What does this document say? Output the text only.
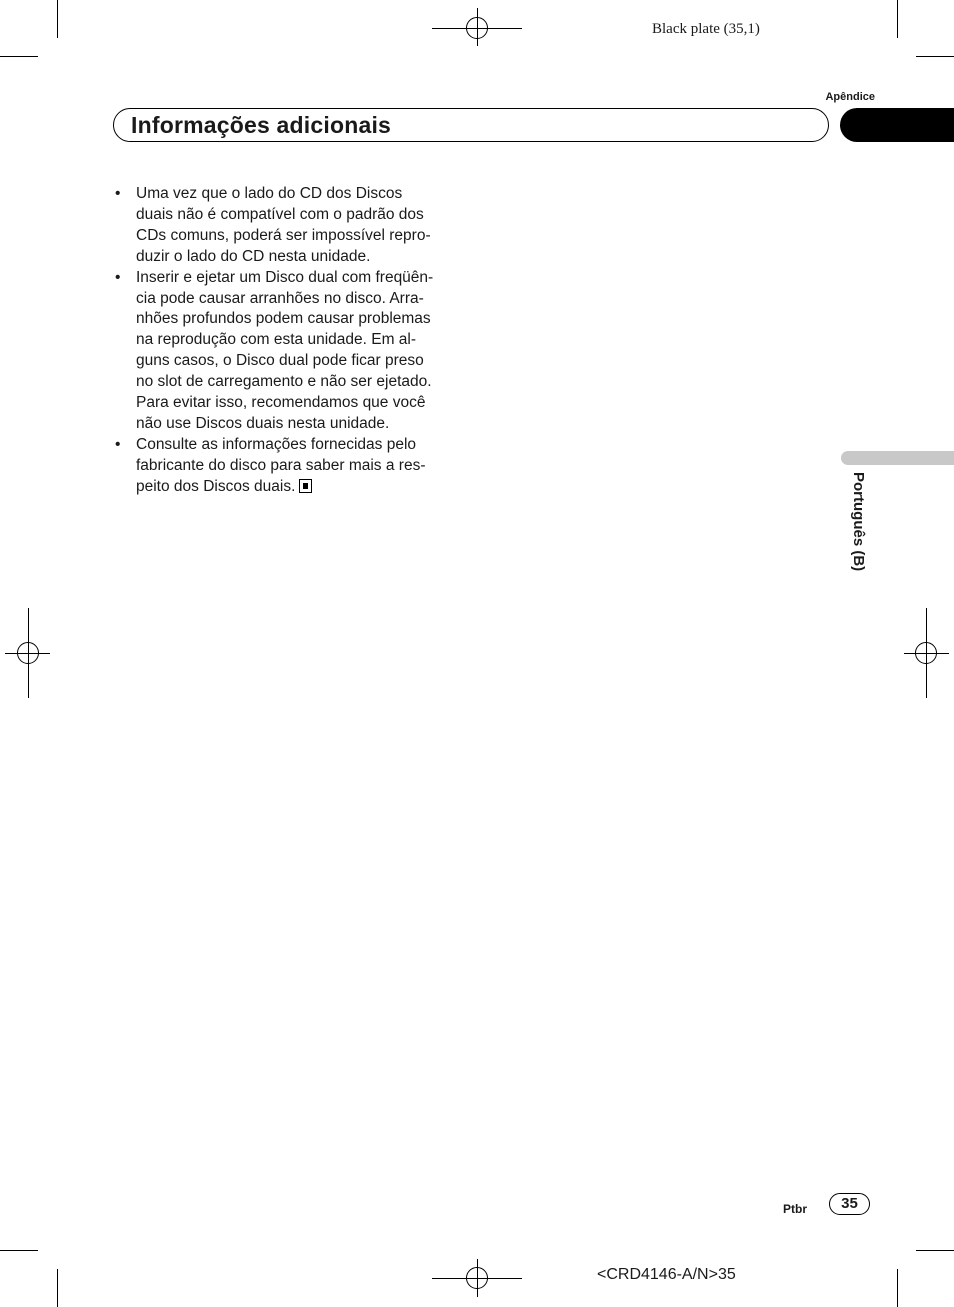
Black plate (35,1)
Apêndice
Informações adicionais
Português (B)
• Uma vez que o lado do CD dos Discos
duais não é compatível com o padrão dos
CDs comuns, poderá ser impossível repro-
duzir o lado do CD nesta unidade.
• Inserir e ejetar um Disco dual com freqüên-
cia pode causar arranhões no disco. Arra-
nhões profundos podem causar problemas
na reprodução com esta unidade. Em al-
guns casos, o Disco dual pode ficar preso
no slot de carregamento e não ser ejetado.
Para evitar isso, recomendamos que você
não use Discos duais nesta unidade.
• Consulte as informações fornecidas pelo
fabricante do disco para saber mais a res-
peito dos Discos duais.
Ptbr	35
<CRD4146-A/N>35
